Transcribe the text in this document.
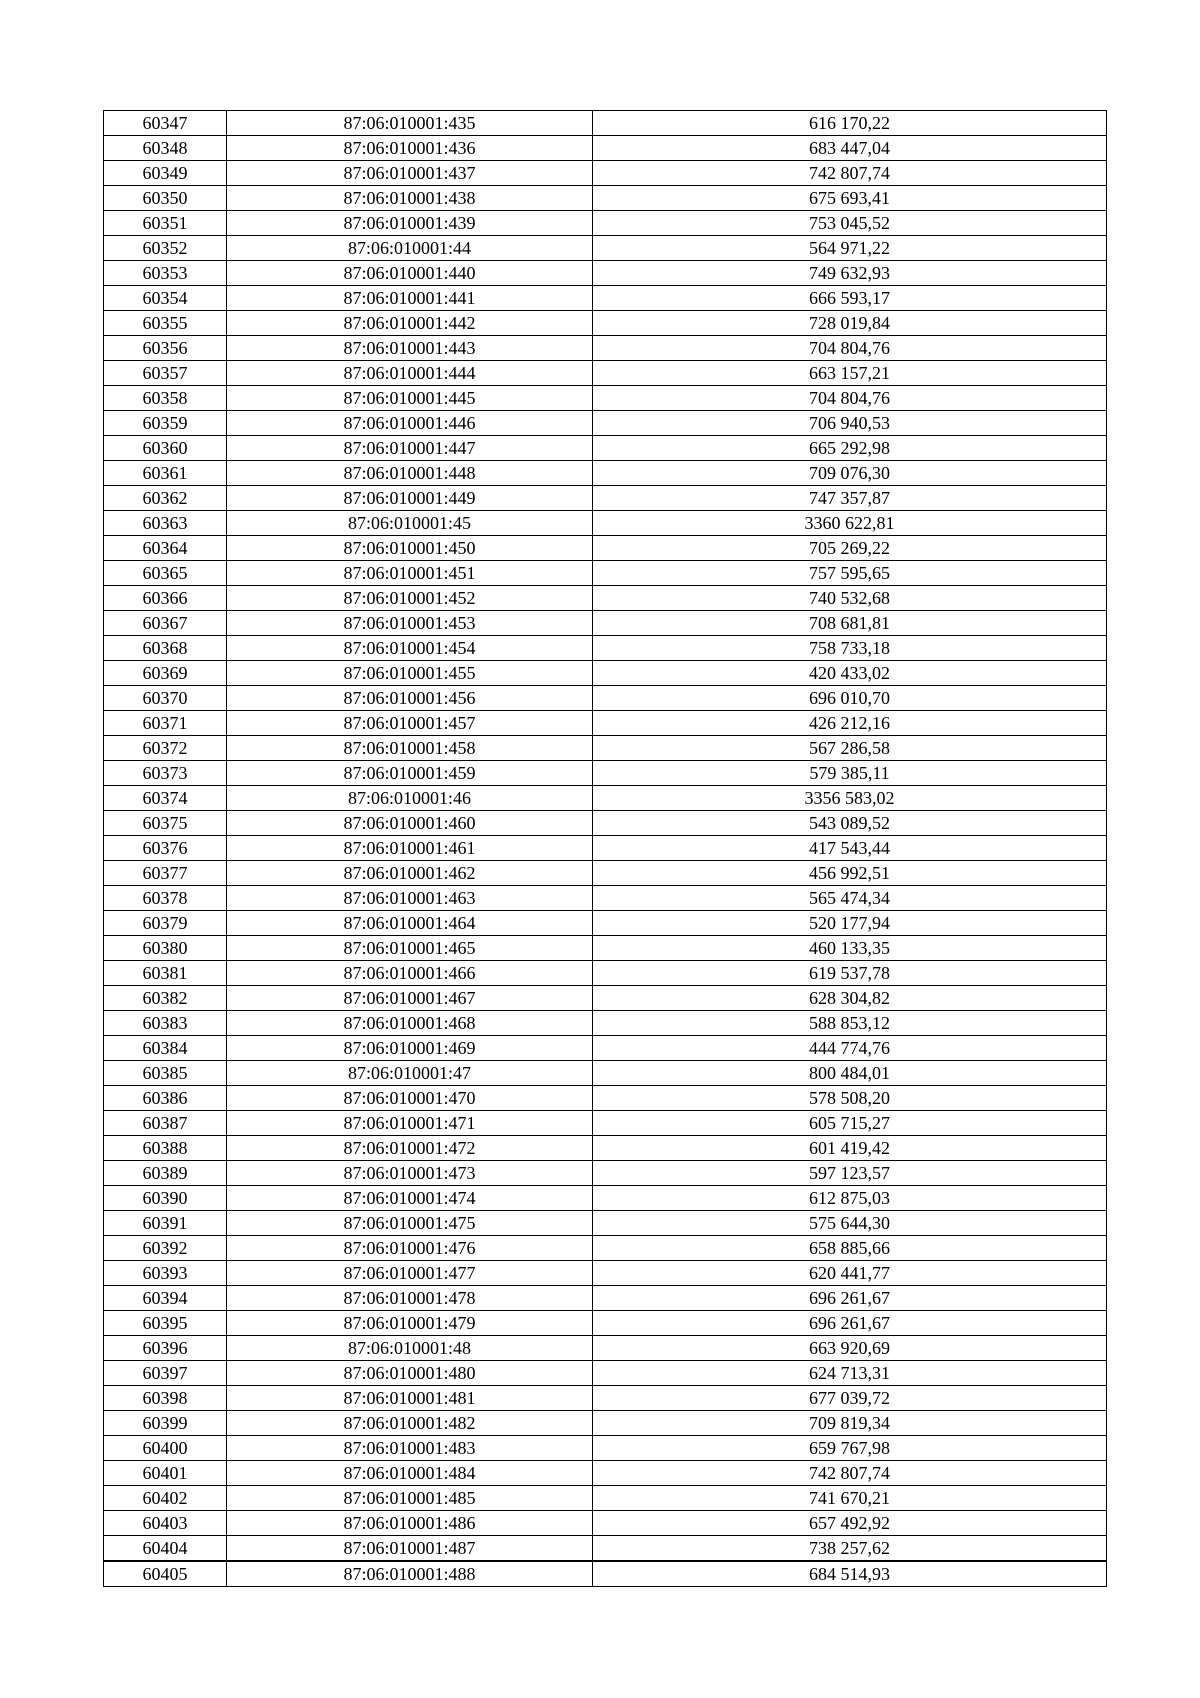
60347	87:06:010001:435	616 170,22
60348	87:06:010001:436	683 447,04
60349	87:06:010001:437	742 807,74
60350	87:06:010001:438	675 693,41
60351	87:06:010001:439	753 045,52
60352	87:06:010001:44	564 971,22
60353	87:06:010001:440	749 632,93
60354	87:06:010001:441	666 593,17
60355	87:06:010001:442	728 019,84
60356	87:06:010001:443	704 804,76
60357	87:06:010001:444	663 157,21
60358	87:06:010001:445	704 804,76
60359	87:06:010001:446	706 940,53
60360	87:06:010001:447	665 292,98
60361	87:06:010001:448	709 076,30
60362	87:06:010001:449	747 357,87
60363	87:06:010001:45	3360 622,81
60364	87:06:010001:450	705 269,22
60365	87:06:010001:451	757 595,65
60366	87:06:010001:452	740 532,68
60367	87:06:010001:453	708 681,81
60368	87:06:010001:454	758 733,18
60369	87:06:010001:455	420 433,02
60370	87:06:010001:456	696 010,70
60371	87:06:010001:457	426 212,16
60372	87:06:010001:458	567 286,58
60373	87:06:010001:459	579 385,11
60374	87:06:010001:46	3356 583,02
60375	87:06:010001:460	543 089,52
60376	87:06:010001:461	417 543,44
60377	87:06:010001:462	456 992,51
60378	87:06:010001:463	565 474,34
60379	87:06:010001:464	520 177,94
60380	87:06:010001:465	460 133,35
60381	87:06:010001:466	619 537,78
60382	87:06:010001:467	628 304,82
60383	87:06:010001:468	588 853,12
60384	87:06:010001:469	444 774,76
60385	87:06:010001:47	800 484,01
60386	87:06:010001:470	578 508,20
60387	87:06:010001:471	605 715,27
60388	87:06:010001:472	601 419,42
60389	87:06:010001:473	597 123,57
60390	87:06:010001:474	612 875,03
60391	87:06:010001:475	575 644,30
60392	87:06:010001:476	658 885,66
60393	87:06:010001:477	620 441,77
60394	87:06:010001:478	696 261,67
60395	87:06:010001:479	696 261,67
60396	87:06:010001:48	663 920,69
60397	87:06:010001:480	624 713,31
60398	87:06:010001:481	677 039,72
60399	87:06:010001:482	709 819,34
60400	87:06:010001:483	659 767,98
60401	87:06:010001:484	742 807,74
60402	87:06:010001:485	741 670,21
60403	87:06:010001:486	657 492,92
60404	87:06:010001:487	738 257,62
60405	87:06:010001:488	684 514,93
